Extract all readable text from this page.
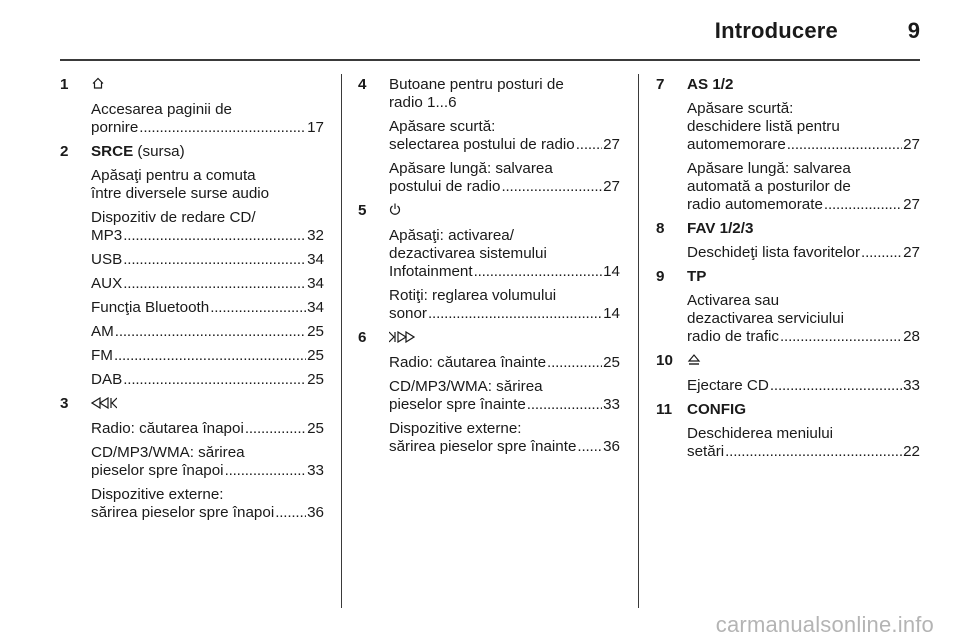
Introducere	9
1
Accesarea paginii de
pornire . . .	17
2 SRCE (sursa)
Apăsaţi pentru a comuta
între diversele surse audio
Dispozitiv de redare CD/
MP3 . . .	32
USB . . .	34
AUX . . .	34
Funcţia Bluetooth . . .	34
AM . . .	25
FM . . .	25
DAB . . .	25
3
Radio: căutarea înapoi . . .	25
CD/MP3/WMA: sărirea
pieselor spre înapoi . . .	33
Dispozitive externe:
sărirea pieselor spre înapoi . . . 36
4 Butoane pentru posturi de
radio 1...6
Apăsare scurtă:
selectarea postului de radio . . . 27
Apăsare lungă: salvarea
postului de radio . . .	27
5
Apăsaţi: activarea/
dezactivarea sistemului
Infotainment . . .	14
Rotiţi: reglarea volumului
sonor . . .	14
6
Radio: căutarea înainte . . .	25
CD/MP3/WMA: sărirea
pieselor spre înainte . . .	33
Dispozitive externe:
sărirea pieselor spre înainte . . . 36
7 AS 1/2
Apăsare scurtă:
deschidere listă pentru
automemorare . . .	27
Apăsare lungă: salvarea
automată a posturilor de
radio automemorate . . .	27
8 FAV 1/2/3
Deschideţi lista favoritelor . . .	27
9 TP
Activarea sau
dezactivarea serviciului
radio de trafic . . .	28
10
Ejectare CD . . .	33
11 CONFIG
Deschiderea meniului
setări . . .	22
carmanualsonline.info
